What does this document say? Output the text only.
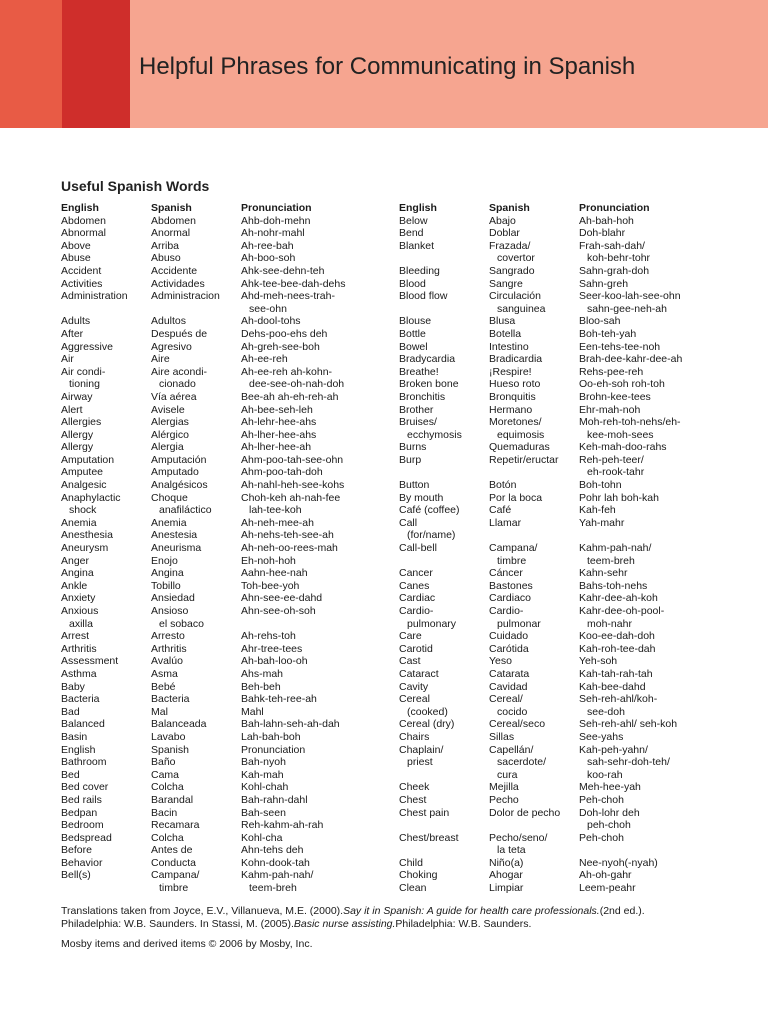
Helpful Phrases for Communicating in Spanish
Useful Spanish Words
English
Abdomen
Abnormal
Above
Abuse
Accident
Activities
Administration
Adults
After
Aggressive
Air
Air condi-
tioning
Airway
Alert
Allergies
Allergy
Allergy
Amputation
Amputee
Analgesic
Anaphylactic
shock
Anemia
Anesthesia
Aneurysm
Anger
Angina
Ankle
Anxiety
Anxious
axilla
Arrest
Arthritis
Assessment
Asthma
Baby
Bacteria
Bad
Balanced
Basin
English
Bathroom
Bed
Bed cover
Bed rails
Bedpan
Bedroom
Bedspread
Before
Behavior
Bell(s)
Spanish
Abdomen
Anormal
Arriba
Abuso
Accidente
Actividades
Administracion
Adultos
Después de
Agresivo
Aire
Aire acondi-
cionado
Vía aérea
Avisele
Alergias
Alérgico
Alergia
Amputación
Amputado
Analgésicos
Choque
anafiláctico
Anemia
Anestesia
Aneurisma
Enojo
Angina
Tobillo
Ansiedad
Ansioso
el sobaco
Arresto
Arthritis
Avalúo
Asma
Bebé
Bacteria
Mal
Balanceada
Lavabo
Spanish
Baño
Cama
Colcha
Barandal
Bacin
Recamara
Colcha
Antes de
Conducta
Campana/
timbre
Pronunciation
Ahb-doh-mehn
Ah-nohr-mahl
Ah-ree-bah
Ah-boo-soh
Ahk-see-dehn-teh
Ahk-tee-bee-dah-dehs
Ahd-meh-nees-trah-
see-ohn
Ah-dool-tohs
Dehs-poo-ehs deh
Ah-greh-see-boh
Ah-ee-reh
Ah-ee-reh ah-kohn-
dee-see-oh-nah-doh
Bee-ah ah-eh-reh-ah
Ah-bee-seh-leh
Ah-lehr-hee-ahs
Ah-lher-hee-ahs
Ah-lher-hee-ah
Ahm-poo-tah-see-ohn
Ahm-poo-tah-doh
Ah-nahl-heh-see-kohs
Choh-keh ah-nah-fee
lah-tee-koh
Ah-neh-mee-ah
Ah-nehs-teh-see-ah
Ah-neh-oo-rees-mah
Eh-noh-hoh
Aahn-hee-nah
Toh-bee-yoh
Ahn-see-ee-dahd
Ahn-see-oh-soh
Ah-rehs-toh
Ahr-tree-tees
Ah-bah-loo-oh
Ahs-mah
Beh-beh
Bahk-teh-ree-ah
Mahl
Bah-lahn-seh-ah-dah
Lah-bah-boh
Pronunciation
Bah-nyoh
Kah-mah
Kohl-chah
Bah-rahn-dahl
Bah-seen
Reh-kahm-ah-rah
Kohl-cha
Ahn-tehs deh
Kohn-dook-tah
Kahm-pah-nah/
teem-breh
English
Below
Bend
Blanket
Bleeding
Blood
Blood flow
Blouse
Bottle
Bowel
Bradycardia
Breathe!
Broken bone
Bronchitis
Brother
Bruises/
ecchymosis
Burns
Burp
Button
By mouth
Café (coffee)
Call
(for/name)
Call-bell
Cancer
Canes
Cardiac
Cardio-
pulmonary
Care
Carotid
Cast
Cataract
Cavity
Cereal
(cooked)
Cereal (dry)
Chairs
Chaplain/
priest
Cheek
Chest
Chest pain
Chest/breast
Child
Choking
Clean
Spanish
Abajo
Doblar
Frazada/
covertor
Sangrado
Sangre
Circulación
sanguinea
Blusa
Botella
Intestino
Bradicardia
¡Respire!
Hueso roto
Bronquitis
Hermano
Moretones/
equimosis
Quemaduras
Repetir/eructar
Botón
Por la boca
Café
Llamar
Campana/
timbre
Cáncer
Bastones
Cardiaco
Cardio-
pulmonar
Cuidado
Carótida
Yeso
Catarata
Cavidad
Cereal/
cocido
Cereal/seco
Sillas
Capellán/
sacerdote/
cura
Mejilla
Pecho
Dolor de pecho
Pecho/seno/
la teta
Niño(a)
Ahogar
Limpiar
Pronunciation
Ah-bah-hoh
Doh-blahr
Frah-sah-dah/
koh-behr-tohr
Sahn-grah-doh
Sahn-greh
Seer-koo-lah-see-ohn
sahn-gee-neh-ah
Bloo-sah
Boh-teh-yah
Een-tehs-tee-noh
Brah-dee-kahr-dee-ah
Rehs-pee-reh
Oo-eh-soh roh-toh
Brohn-kee-tees
Ehr-mah-noh
Moh-reh-toh-nehs/eh-
kee-moh-sees
Keh-mah-doo-rahs
Reh-peh-teer/
eh-rook-tahr
Boh-tohn
Pohr lah boh-kah
Kah-feh
Yah-mahr
Kahm-pah-nah/
teem-breh
Kahn-sehr
Bahs-toh-nehs
Kahr-dee-ah-koh
Kahr-dee-oh-pool-
moh-nahr
Koo-ee-dah-doh
Kah-roh-tee-dah
Yeh-soh
Kah-tah-rah-tah
Kah-bee-dahd
Seh-reh-ahl/koh-
see-doh
Seh-reh-ahl/ seh-koh
See-yahs
Kah-peh-yahn/
sah-sehr-doh-teh/
koo-rah
Meh-hee-yah
Peh-choh
Doh-lohr deh
peh-choh
Peh-choh
Nee-nyoh(-nyah)
Ah-oh-gahr
Leem-peahr
Translations taken from Joyce, E.V., Villanueva, M.E. (2000).Say it in Spanish: A guide for health care professionals.(2nd ed.).
Philadelphia: W.B. Saunders. In Stassi, M. (2005).Basic nurse assisting.Philadelphia: W.B. Saunders.
Mosby items and derived items © 2006 by Mosby, Inc.
